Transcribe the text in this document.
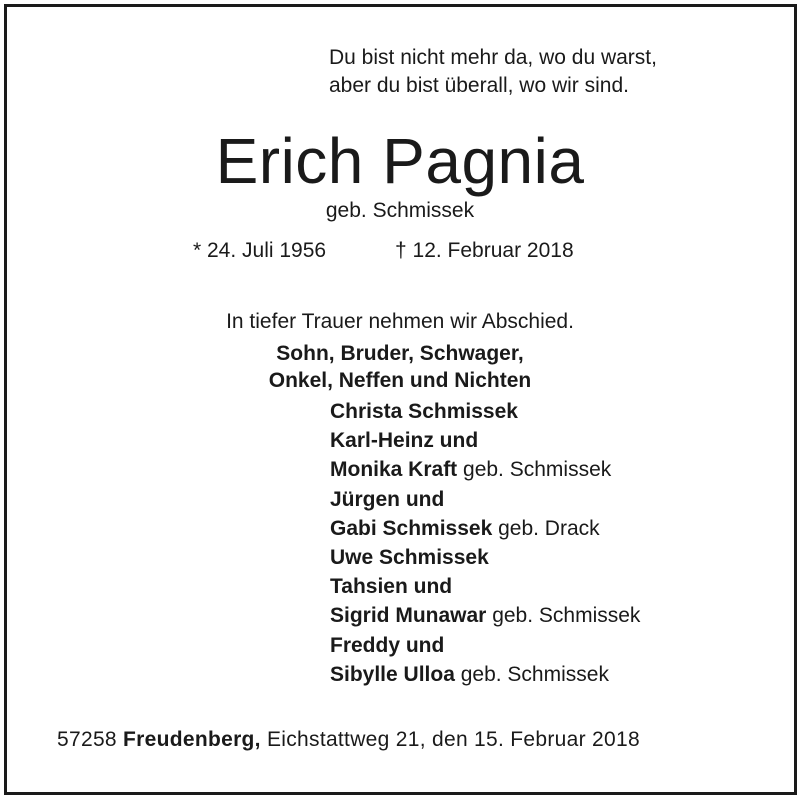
Du bist nicht mehr da, wo du warst,
aber du bist überall, wo wir sind.
Erich Pagnia
geb. Schmissek
* 24. Juli 1956	† 12. Februar 2018
In tiefer Trauer nehmen wir Abschied.
Sohn, Bruder, Schwager,
Onkel, Neffen und Nichten
Christa Schmissek
Karl-Heinz und
Monika Kraft geb. Schmissek
Jürgen und
Gabi Schmissek geb. Drack
Uwe Schmissek
Tahsien und
Sigrid Munawar geb. Schmissek
Freddy und
Sibylle Ulloa geb. Schmissek
57258 Freudenberg, Eichstattweg 21, den 15. Februar 2018
